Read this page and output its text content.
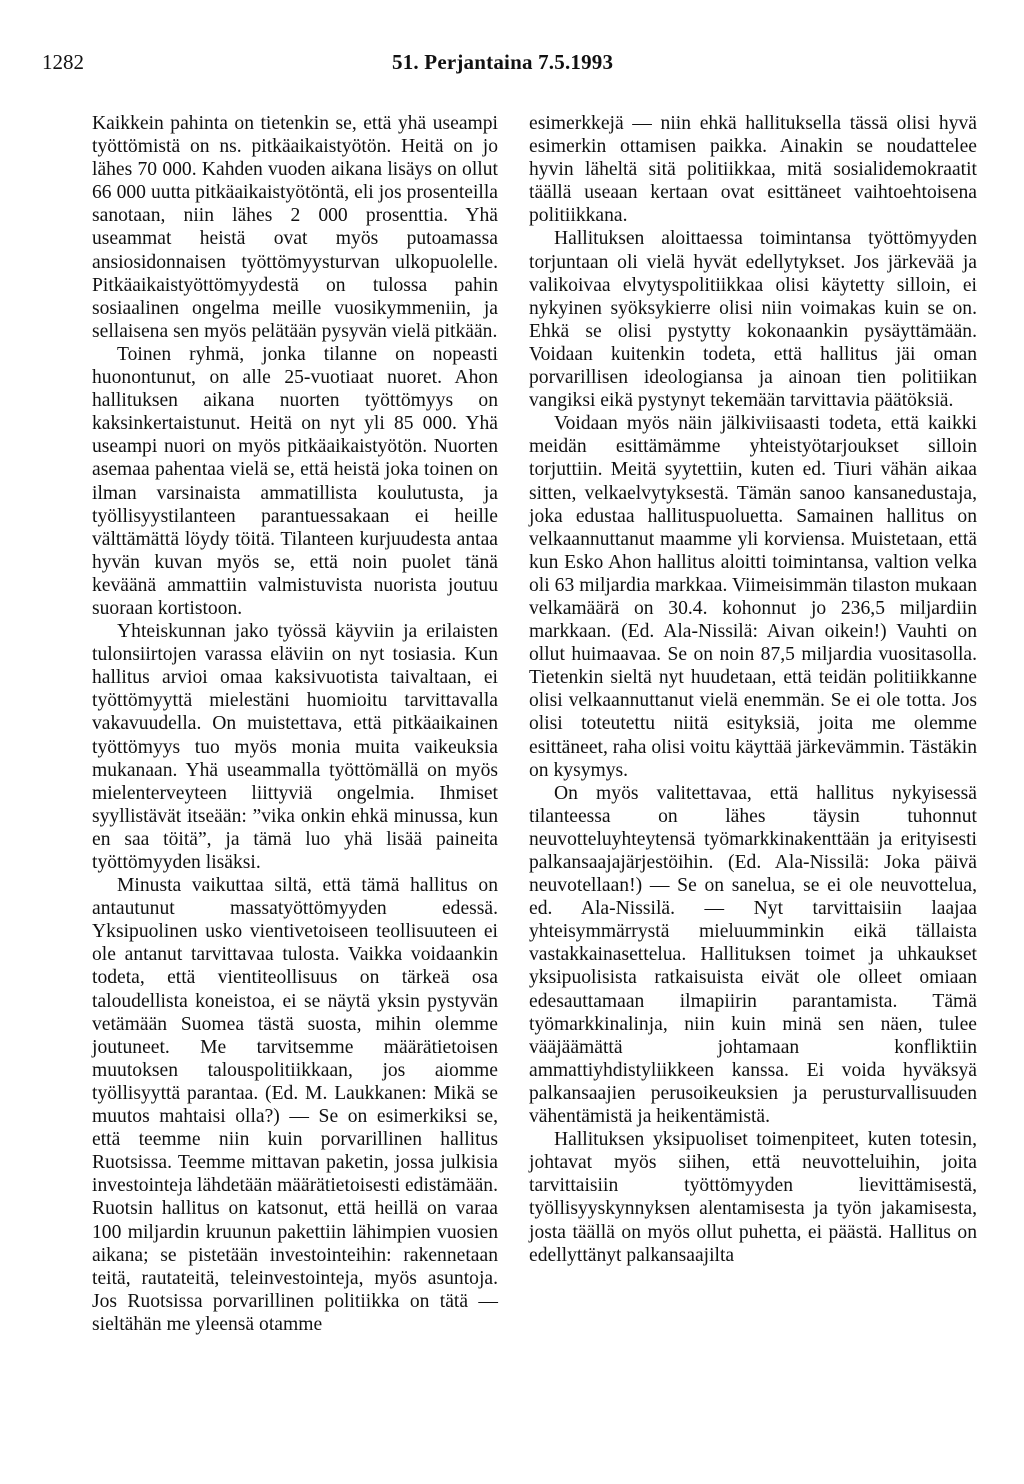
1282	51. Perjantaina 7.5.1993

Kaikkein pahinta on tietenkin se, että yhä useampi työttömistä on ns. pitkäaikaistyötön. Heitä on jo lähes 70 000. Kahden vuoden aikana lisäys on ollut 66 000 uutta pitkäaikaistyötöntä, eli jos prosenteilla sanotaan, niin lähes 2 000 prosenttia. Yhä useammat heistä ovat myös putoamassa ansiosidonnaisen työttömyysturvan ulkopuolelle. Pitkäaikaistyöttömyydestä on tulossa pahin sosiaalinen ongelma meille vuosikymmeniin, ja sellaisena sen myös pelätään pysyvän vielä pitkään.

Toinen ryhmä, jonka tilanne on nopeasti huonontunut, on alle 25-vuotiaat nuoret. Ahon hallituksen aikana nuorten työttömyys on kaksinkertaistunut. Heitä on nyt yli 85 000. Yhä useampi nuori on myös pitkäaikaistyötön. Nuorten asemaa pahentaa vielä se, että heistä joka toinen on ilman varsinaista ammatillista koulutusta, ja työllisyystilanteen parantuessakaan ei heille välttämättä löydy töitä. Tilanteen kurjuudesta antaa hyvän kuvan myös se, että noin puolet tänä keväänä ammattiin valmistuvista nuorista joutuu suoraan kortistoon.

Yhteiskunnan jako työssä käyviin ja erilaisten tulonsiirtojen varassa eläviin on nyt tosiasia. Kun hallitus arvioi omaa kaksivuotista taivaltaan, ei työttömyyttä mielestäni huomioitu tarvittavalla vakavuudella. On muistettava, että pitkäaikainen työttömyys tuo myös monia muita vaikeuksia mukanaan. Yhä useammalla työttömällä on myös mielenterveyteen liittyviä ongelmia. Ihmiset syyllistävät itseään: ”vika onkin ehkä minussa, kun en saa töitä”, ja tämä luo yhä lisää paineita työttömyyden lisäksi.

Minusta vaikuttaa siltä, että tämä hallitus on antautunut massatyöttömyyden edessä. Yksipuolinen usko vientivetoiseen teollisuuteen ei ole antanut tarvittavaa tulosta. Vaikka voidaankin todeta, että vientiteollisuus on tärkeä osa taloudellista koneistoa, ei se näytä yksin pystyvän vetämään Suomea tästä suosta, mihin olemme joutuneet. Me tarvitsemme määrätietoisen muutoksen talouspolitiikkaan, jos aiomme työllisyyttä parantaa. (Ed. M. Laukkanen: Mikä se muutos mahtaisi olla?) — Se on esimerkiksi se, että teemme niin kuin porvarillinen hallitus Ruotsissa. Teemme mittavan paketin, jossa julkisia investointeja lähdetään määrätietoisesti edistämään. Ruotsin hallitus on katsonut, että heillä on varaa 100 miljardin kruunun pakettiin lähimpien vuosien aikana; se pistetään investointeihin: rakennetaan teitä, rautateitä, teleinvestointeja, myös asuntoja. Jos Ruotsissa porvarillinen politiikka on tätä — sieltähän me yleensä otamme

esimerkkejä — niin ehkä hallituksella tässä olisi hyvä esimerkin ottamisen paikka. Ainakin se noudattelee hyvin läheltä sitä politiikkaa, mitä sosialidemokraatit täällä useaan kertaan ovat esittäneet vaihtoehtoisena politiikkana.

Hallituksen aloittaessa toimintansa työttömyyden torjuntaan oli vielä hyvät edellytykset. Jos järkevää ja valikoivaa elvytyspolitiikkaa olisi käytetty silloin, ei nykyinen syöksykierre olisi niin voimakas kuin se on. Ehkä se olisi pystytty kokonaankin pysäyttämään. Voidaan kuitenkin todeta, että hallitus jäi oman porvarillisen ideologiansa ja ainoan tien politiikan vangiksi eikä pystynyt tekemään tarvittavia päätöksiä.

Voidaan myös näin jälkiviisaasti todeta, että kaikki meidän esittämämme yhteistyötarjoukset silloin torjuttiin. Meitä syytettiin, kuten ed. Tiuri vähän aikaa sitten, velkaelvytyksestä. Tämän sanoo kansanedustaja, joka edustaa hallituspuoluetta. Samainen hallitus on velkaannuttanut maamme yli korviensa. Muistetaan, että kun Esko Ahon hallitus aloitti toimintansa, valtion velka oli 63 miljardia markkaa. Viimeisimmän tilaston mukaan velkamäärä on 30.4. kohonnut jo 236,5 miljardiin markkaan. (Ed. Ala-Nissilä: Aivan oikein!) Vauhti on ollut huimaavaa. Se on noin 87,5 miljardia vuositasolla. Tietenkin sieltä nyt huudetaan, että teidän politiikkanne olisi velkaannuttanut vielä enemmän. Se ei ole totta. Jos olisi toteutettu niitä esityksiä, joita me olemme esittäneet, raha olisi voitu käyttää järkevämmin. Tästäkin on kysymys.

On myös valitettavaa, että hallitus nykyisessä tilanteessa on lähes täysin tuhonnut neuvotteluyhteytensä työmarkkinakenttään ja erityisesti palkansaajajärjestöihin. (Ed. Ala-Nissilä: Joka päivä neuvotellaan!) — Se on sanelua, se ei ole neuvottelua, ed. Ala-Nissilä. — Nyt tarvittaisiin laajaa yhteisymmärrystä mieluumminkin eikä tällaista vastakkainasettelua. Hallituksen toimet ja uhkaukset yksipuolisista ratkaisuista eivät ole olleet omiaan edesauttamaan ilmapiirin parantamista. Tämä työmarkkinalinja, niin kuin minä sen näen, tulee vääjäämättä johtamaan konfliktiin ammattiyhdistyliikkeen kanssa. Ei voida hyväksyä palkansaajien perusoikeuksien ja perusturvallisuuden vähentämistä ja heikentämistä.

Hallituksen yksipuoliset toimenpiteet, kuten totesin, johtavat myös siihen, että neuvotteluihin, joita tarvittaisiin työttömyyden lievittämisestä, työllisyyskynnyksen alentamisesta ja työn jakamisesta, josta täällä on myös ollut puhetta, ei päästä. Hallitus on edellyttänyt palkansaajilta
